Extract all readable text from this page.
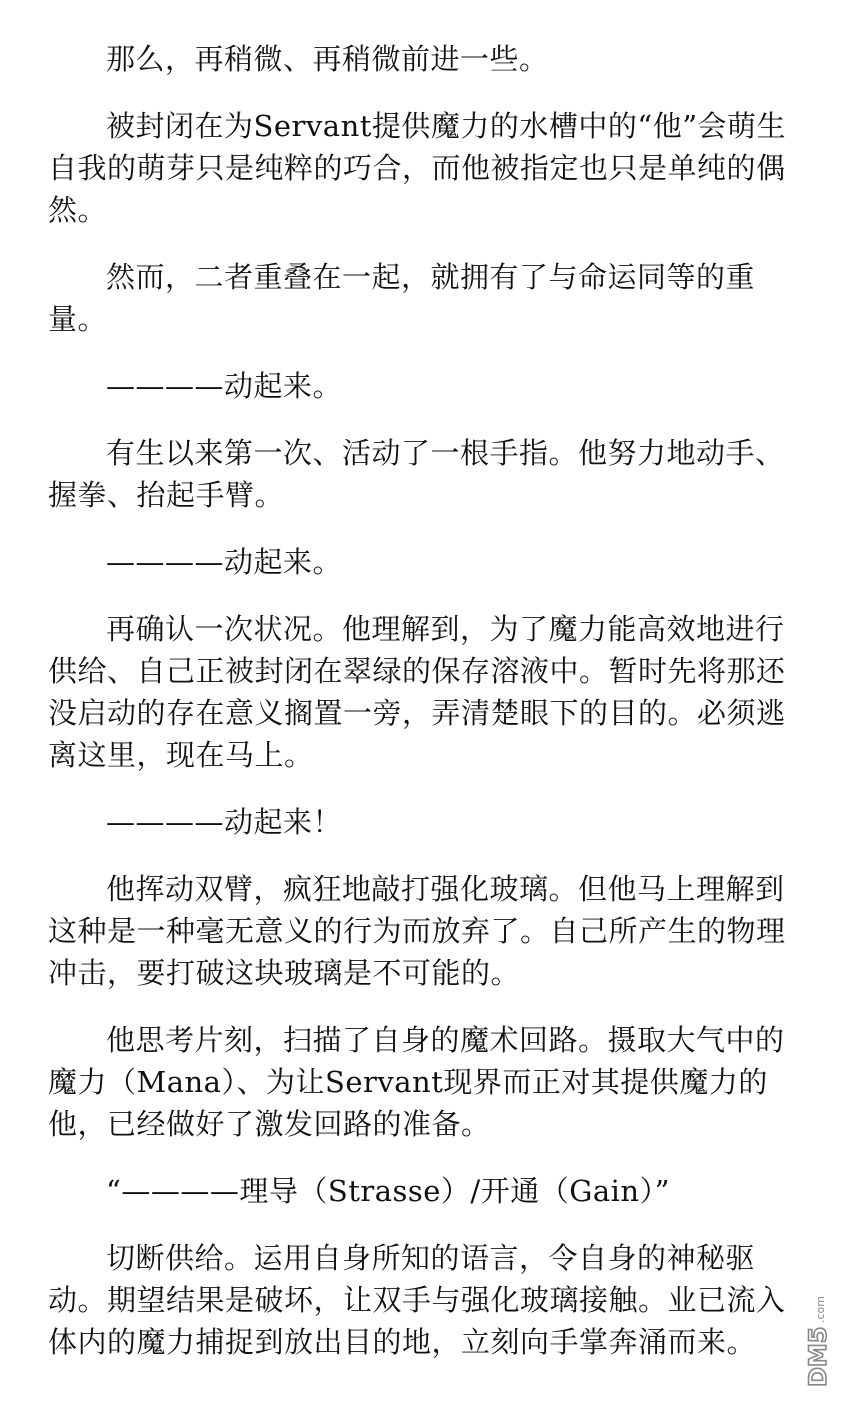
那么，再稍微、再稍微前进一些。

被封闭在为Servant提供魔力的水槽中的“他”会萌生自我的萌芽只是纯粹的巧合，而他被指定也只是单纯的偶然。

然而，二者重叠在一起，就拥有了与命运同等的重量。

————动起来。

有生以来第一次、活动了一根手指。他努力地动手、握拳、抬起手臂。

————动起来。

再确认一次状况。他理解到，为了魔力能高效地进行供给、自己正被封闭在翠绿的保存溶液中。暂时先将那还没启动的存在意义搁置一旁，弄清楚眼下的目的。必须逃离这里，现在马上。

————动起来！

他挥动双臂，疯狂地敲打强化玻璃。但他马上理解到这种是一种毫无意义的行为而放弃了。自己所产生的物理冲击，要打破这块玻璃是不可能的。

他思考片刻，扫描了自身的魔术回路。摄取大气中的魔力（Mana）、为让Servant现界而正对其提供魔力的他，已经做好了激发回路的准备。

“————理导（Strasse）/开通（Gain）”

切断供给。运用自身所知的语言，令自身的神秘驱动。期望结果是破坏，让双手与强化玻璃接触。业已流入体内的魔力捕捉到放出目的地，立刻向手掌奔涌而来。	DM5
.com
